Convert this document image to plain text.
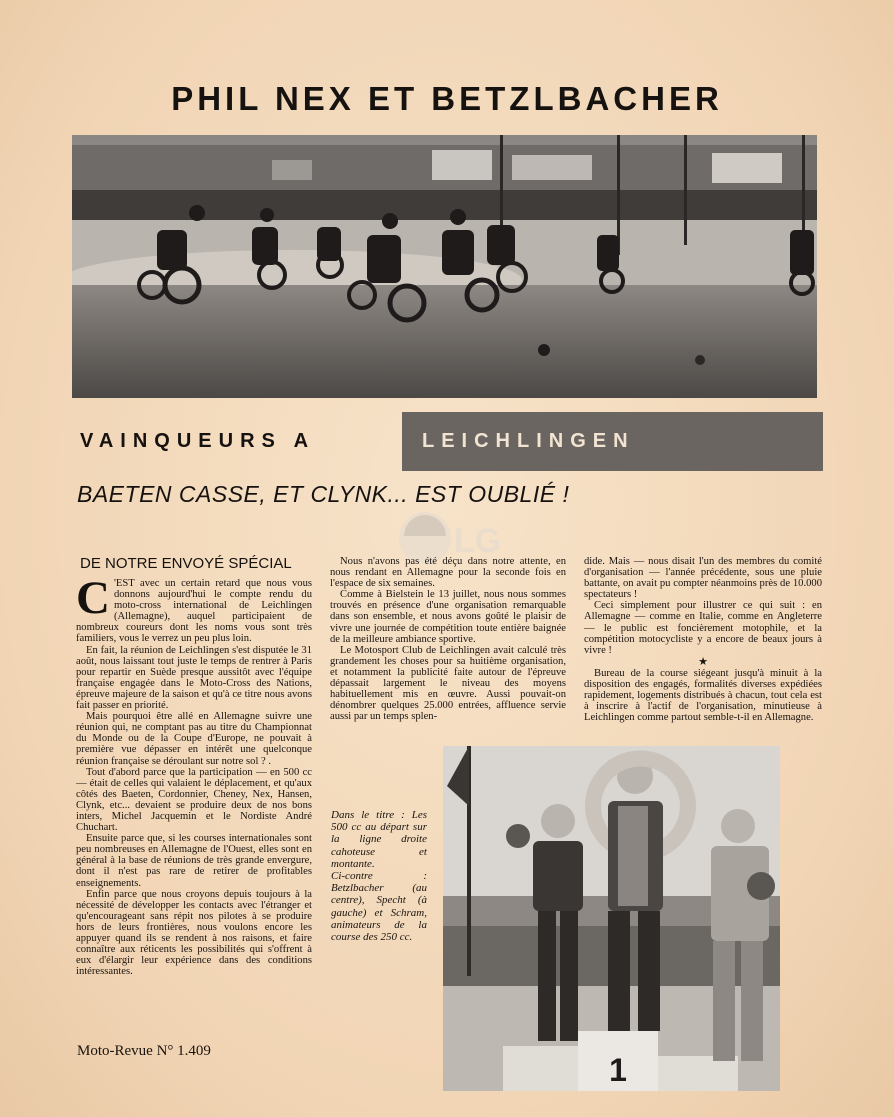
PHIL NEX ET BETZLBACHER
VAINQUEURS A	LEICHLINGEN
BAETEN CASSE, ET CLYNK... EST OUBLIÉ !
LG
DE NOTRE ENVOYÉ SPÉCIAL

C 'EST avec un certain retard que nous vous donnons aujourd'hui le compte rendu du moto-cross international de Leichlingen (Allemagne), auquel participaient de nombreux coureurs dont les noms vous sont très familiers, vous le verrez un peu plus loin.

En fait, la réunion de Leichlingen s'est disputée le 31 août, nous laissant tout juste le temps de rentrer à Paris pour repartir en Suède presque aussitôt avec l'équipe française engagée dans le Moto-Cross des Nations, épreuve majeure de la saison et qu'à ce titre nous avons fait passer en priorité.

Mais pourquoi être allé en Allemagne suivre une réunion qui, ne comptant pas au titre du Championnat du Monde ou de la Coupe d'Europe, ne pouvait à première vue dépasser en intérêt une quelconque réunion française se déroulant sur notre sol ? .

Tout d'abord parce que la participation — en 500 cc — était de celles qui valaient le déplacement, et qu'aux côtés des Baeten, Cordonnier, Cheney, Nex, Hansen, Clynk, etc... devaient se produire deux de nos bons inters, Michel Jacquemin et le Nordiste André Chuchart.

Ensuite parce que, si les courses internationales sont peu nombreuses en Allemagne de l'Ouest, elles sont en général à la base de réunions de très grande envergure, dont il n'est pas rare de retirer de profitables enseignements.

Enfin parce que nous croyons depuis toujours à la nécessité de développer les contacts avec l'étranger et qu'encourageant sans répit nos pilotes à se produire hors de leurs frontières, nous voulons encore les appuyer quand ils se rendent à nos raisons, et faire connaître aux réticents les possibilités qui s'offrent à eux d'élargir leur expérience dans des conditions intéressantes.

Nous n'avons pas été déçu dans notre attente, en nous rendant en Allemagne pour la seconde fois en l'espace de six semaines.

Comme à Bielstein le 13 juillet, nous nous sommes trouvés en présence d'une organisation remarquable dans son ensemble, et nous avons goûté le plaisir de vivre une journée de compétition toute entière baignée de la meilleure ambiance sportive.

Le Motosport Club de Leichlingen avait calculé très grandement les choses pour sa huitième organisation, et notamment la publicité faite autour de l'épreuve dépassait largement le niveau des moyens habituellement mis en œuvre. Aussi pouvait-on dénombrer quelques 25.000 entrées, affluence servie aussi par un temps splen-

dide. Mais — nous disait l'un des membres du comité d'organisation — l'année précédente, sous une pluie battante, on avait pu compter néanmoins près de 10.000 spectateurs !

Ceci simplement pour illustrer ce qui suit : en Allemagne — comme en Italie, comme en Angleterre — le public est foncièrement motophile, et la compétition motocycliste y a encore de beaux jours à vivre !

★

Bureau de la course siégeant jusqu'à minuit à la disposition des engagés, formalités diverses expédiées rapidement, logements distribués à chacun, tout cela est à inscrire à l'actif de l'organisation, minutieuse à Leichlingen comme partout semble-t-il en Allemagne.

Dans le titre : Les 500 cc au départ sur la ligne droite cahoteuse et montante.

Ci-contre : Betzlbacher (au centre), Specht (à gauche) et Schram, animateurs de la course des 250 cc.

1
Moto-Revue N° 1.409
